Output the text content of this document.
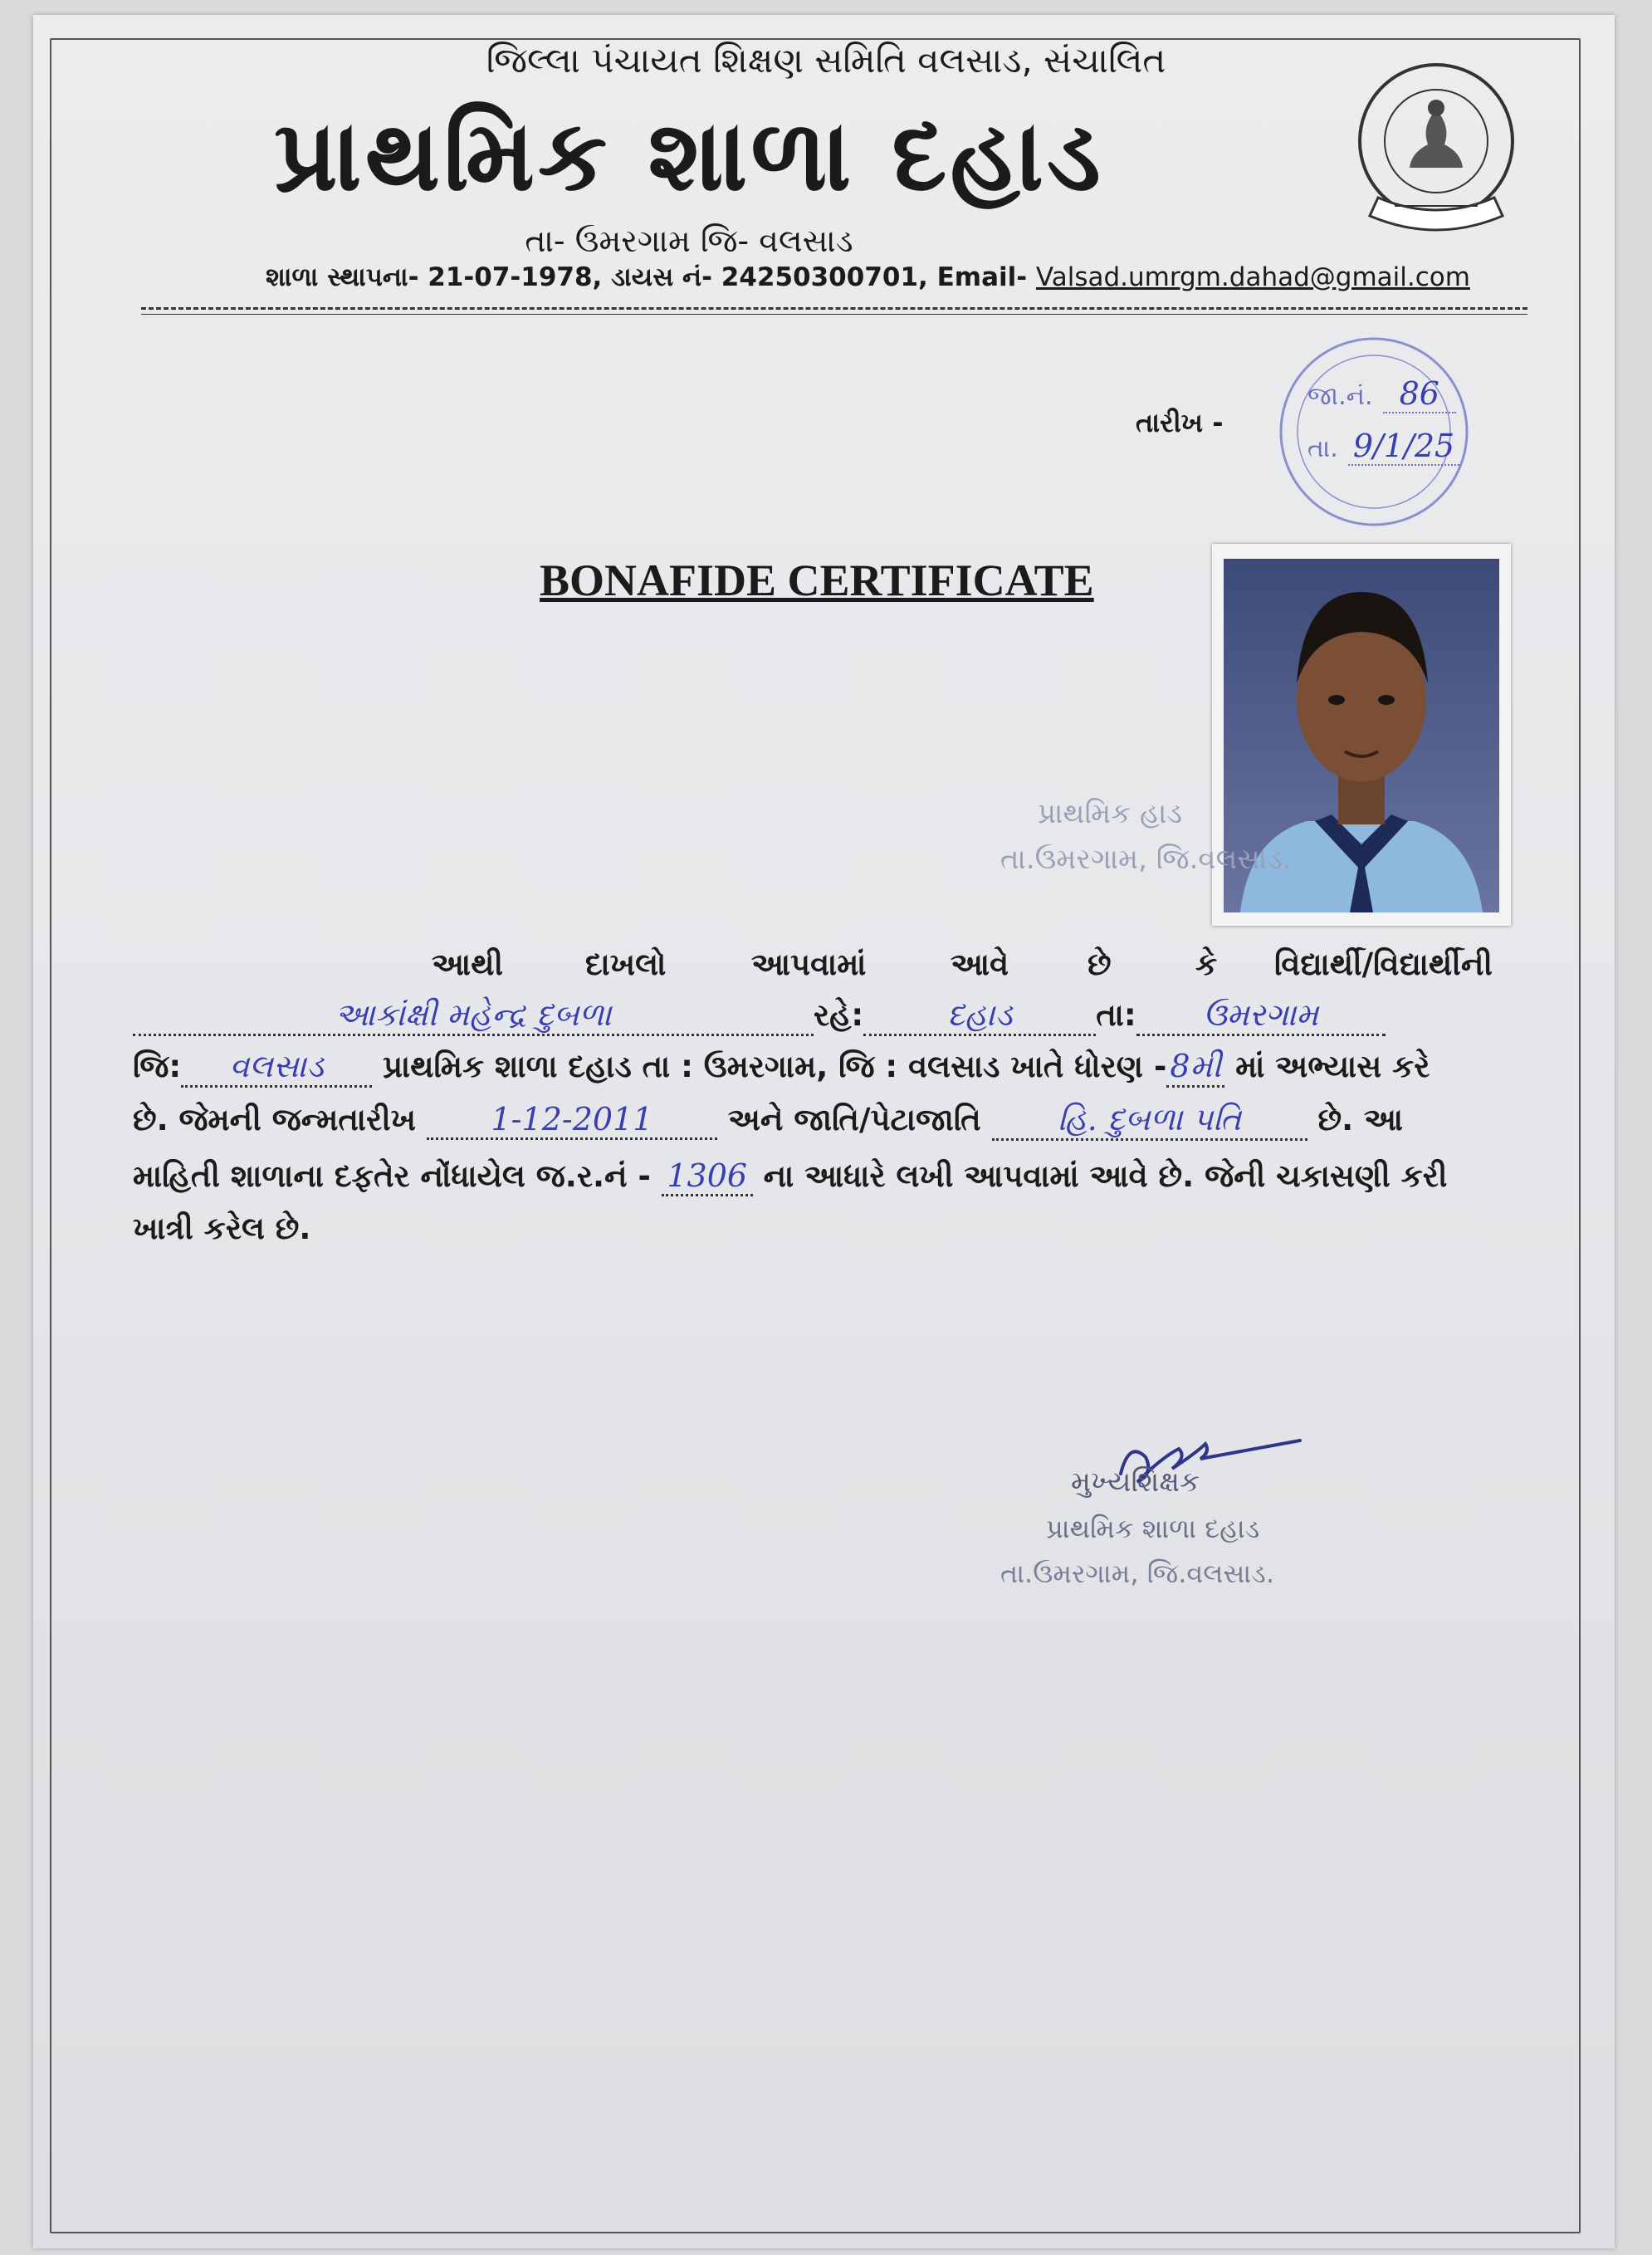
જિલ્લા પંચાયત શિક્ષણ સમિતિ વલસાડ, સંચાલિત
પ્રાથમિક શાળા દહાડ
તા- ઉમરગામ જિ- વલસાડ
શાળા સ્થાપના- 21-07-1978, ડાયસ નં- 24250300701, Email- Valsad.umrgm.dahad@gmail.com
તારીખ -
જા.નં. 86
તા. 9/1/25
BONAFIDE CERTIFICATE
પ્રાથમિક હાડ
તા.ઉમરગામ, જિ.વલસાડ.
આથી	દાખલો	આપવામાં	આવે	છે	કે વિદ્યાર્થી/વિદ્યાર્થીની
આકાંક્ષી મહેન્દ્ર દુબળા	રહે:	દહાડ	તા: ઉમરગામ
જિ: વલસાડ પ્રાથમિક શાળા દહાડ તા : ઉમરગામ, જિ : વલસાડ ખાતે ધોરણ - 8મી માં અભ્યાસ કરે
છે. જેમની જન્મતારીખ 1-12-2011 અને જાતિ/પેટાજાતિ હિ. દુબળા પતિ છે. આ
માહિતી શાળાના દફતેર નોંધાયેલ જ.ર.નં - 1306 ના આધારે લખી આપવામાં આવે છે. જેની ચકાસણી કરી
ખાત્રી કરેલ છે.
મુખ્યશિક્ષક
પ્રાથમિક શાળા દહાડ
તા.ઉમરગામ, જિ.વલસાડ.
